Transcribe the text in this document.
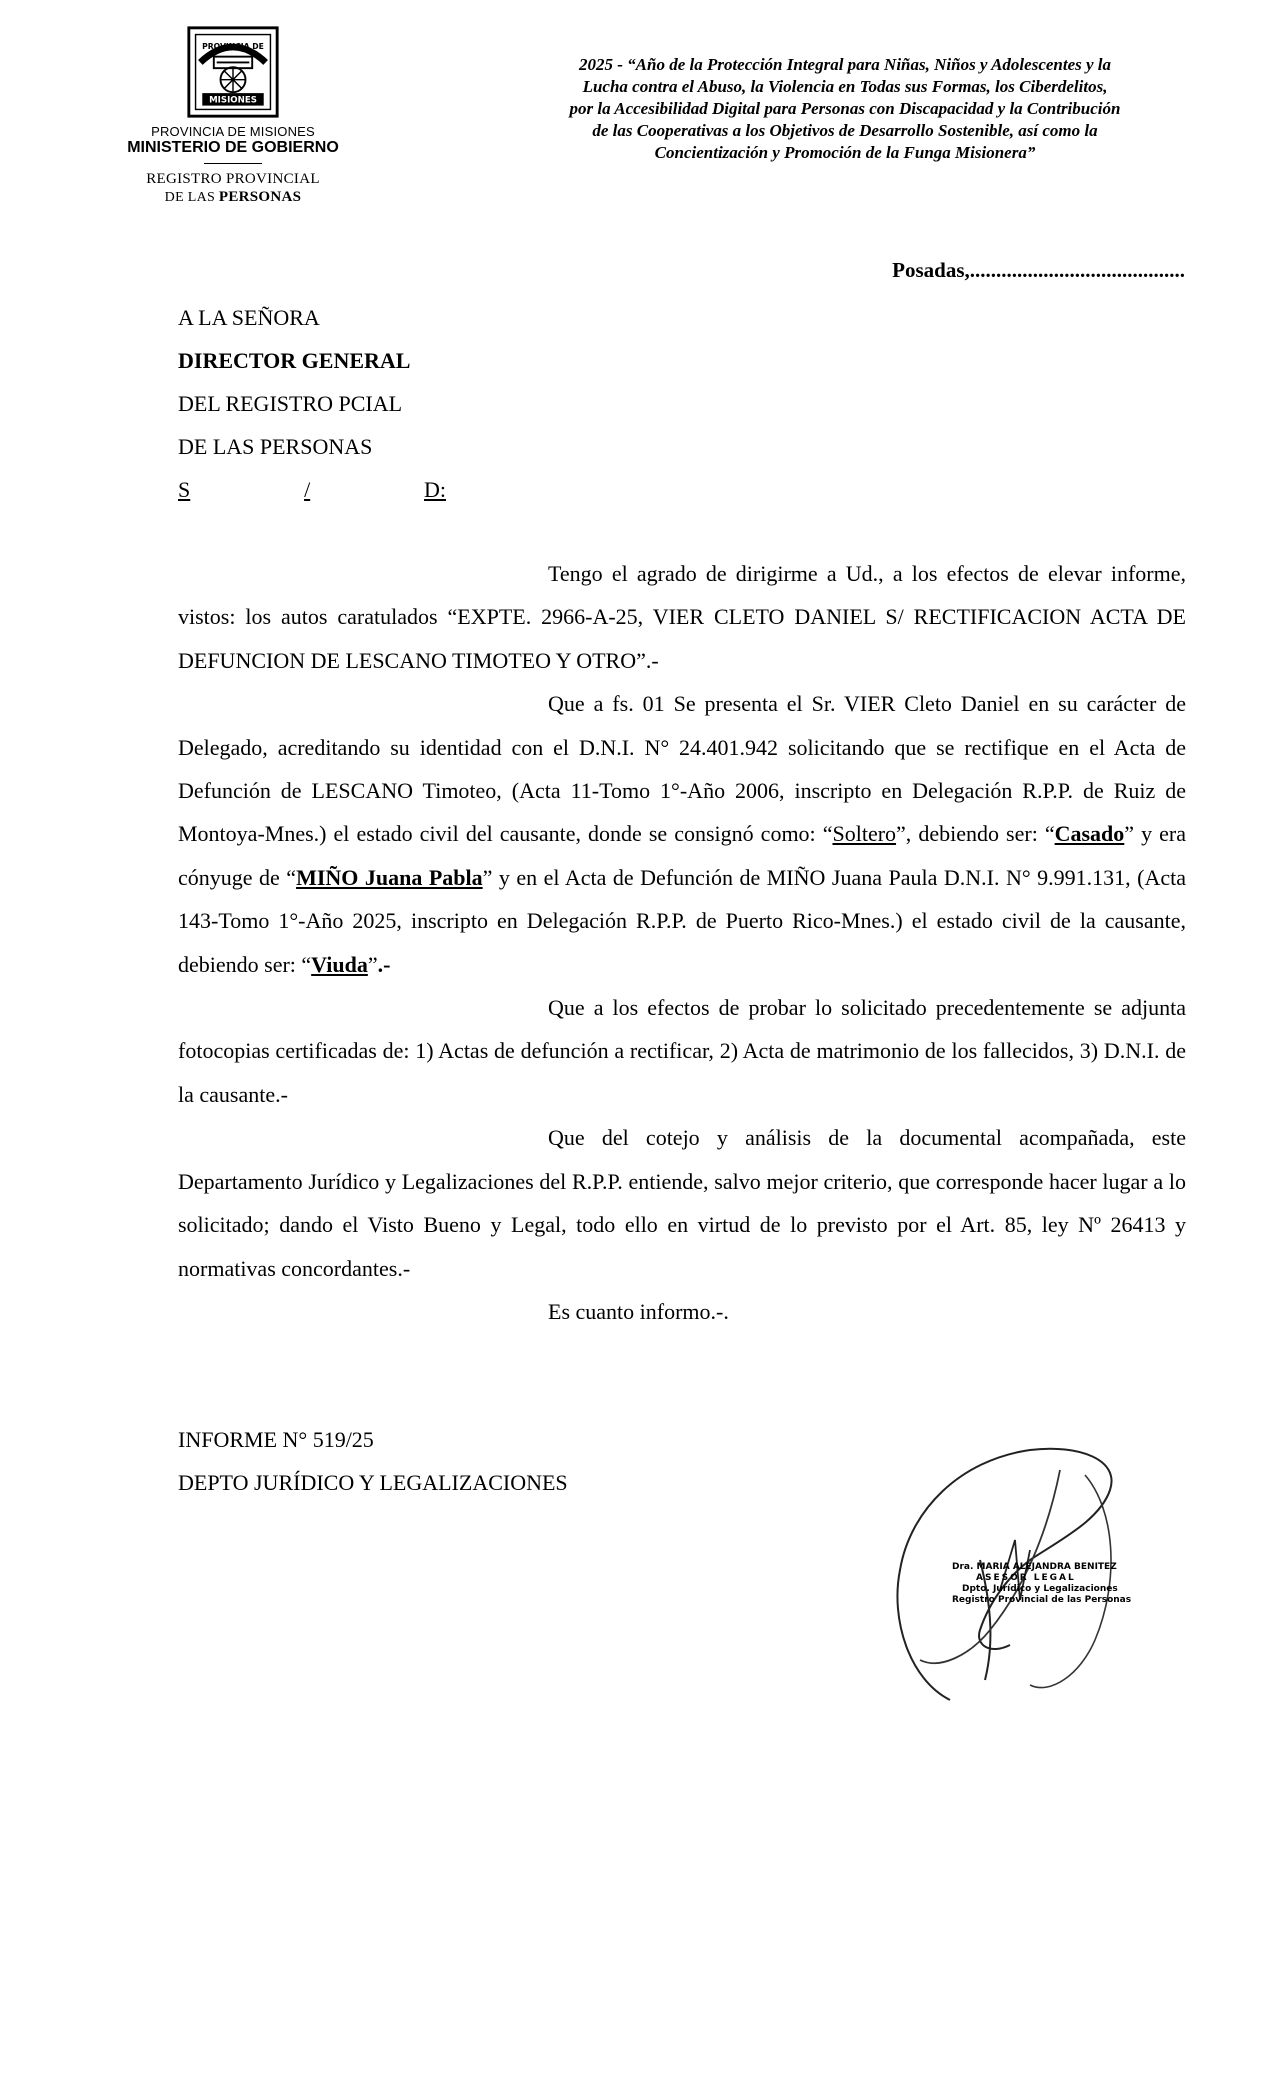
PROVINCIA DE
MISIONES
PROVINCIA DE MISIONES
MINISTERIO DE GOBIERNO
REGISTRO PROVINCIAL
DE LAS PERSONAS
2025 - “Año de la Protección Integral para Niñas, Niños y Adolescentes y la
Lucha contra el Abuso, la Violencia en Todas sus Formas, los Ciberdelitos,
por la Accesibilidad Digital para Personas con Discapacidad y la Contribución
de las Cooperativas a los Objetivos de Desarrollo Sostenible, así como la
Concientización y Promoción de la Funga Misionera”
Posadas,.........................................
A LA SEÑORA
DIRECTOR GENERAL
DEL REGISTRO PCIAL
DE LAS PERSONAS
S	/	D:

Tengo el agrado de dirigirme a Ud., a los efectos de elevar informe, vistos: los autos caratulados “EXPTE. 2966-A-25, VIER CLETO DANIEL S/ RECTIFICACION ACTA DE DEFUNCION DE LESCANO TIMOTEO Y OTRO”.-

Que a fs. 01 Se presenta el Sr. VIER Cleto Daniel en su carácter de Delegado, acreditando su identidad con el D.N.I. N° 24.401.942 solicitando que se rectifique en el Acta de Defunción de LESCANO Timoteo, (Acta 11-Tomo 1°-Año 2006, inscripto en Delegación R.P.P. de Ruiz de Montoya-Mnes.) el estado civil del causante, donde se consignó como: “Soltero”, debiendo ser: “Casado” y era cónyuge de “MIÑO Juana Pabla” y en el Acta de Defunción de MIÑO Juana Paula D.N.I. N° 9.991.131, (Acta 143-Tomo 1°-Año 2025, inscripto en Delegación R.P.P. de Puerto Rico-Mnes.) el estado civil de la causante, debiendo ser: “Viuda”.-

Que a los efectos de probar lo solicitado precedentemente se adjunta fotocopias certificadas de: 1) Actas de defunción a rectificar, 2) Acta de matrimonio de los fallecidos, 3) D.N.I. de la causante.-

Que del cotejo y análisis de la documental acompañada, este Departamento Jurídico y Legalizaciones del R.P.P. entiende, salvo mejor criterio, que corresponde hacer lugar a lo solicitado; dando el Visto Bueno y Legal, todo ello en virtud de lo previsto por el Art. 85, ley Nº 26413 y normativas concordantes.-

Es cuanto informo.-.

INFORME N° 519/25
DEPTO JURÍDICO Y LEGALIZACIONES
Dra. MARIA ALEJANDRA BENITEZ
ASESOR LEGAL
Dpto. Jurídico y Legalizaciones
Registro Provincial de las Personas
